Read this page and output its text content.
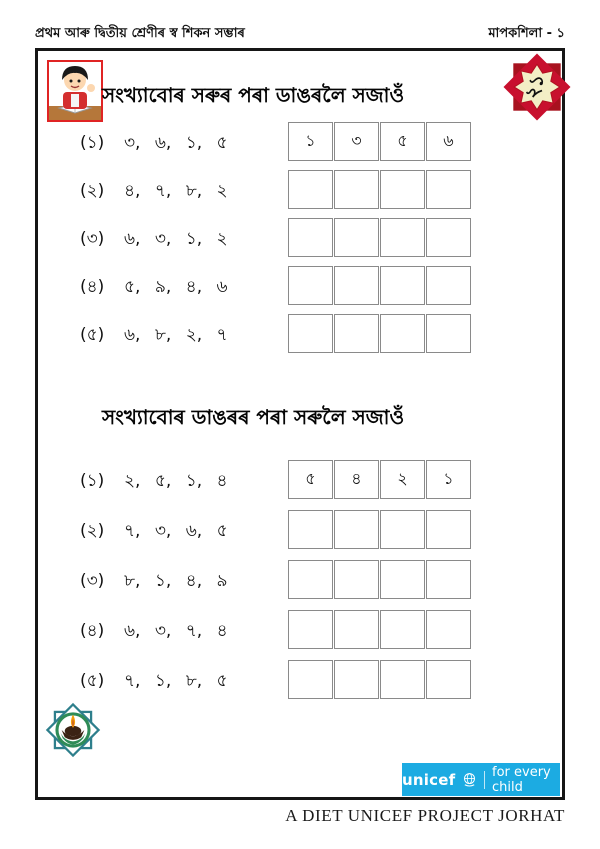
প্ৰথম আৰু দ্বিতীয় শ্ৰেণীৰ স্ব শিকন সম্ভাৰ	মাপকশিলা - ১
সংখ্যাবোৰ সৰুৰ পৰা ডাঙৰলৈ সজাওঁ	২১
(১) ৩, ৬, ১, ৫	১	৩	৫	৬
(২) ৪, ৭, ৮, ২
(৩) ৬, ৩, ১, ২
(৪) ৫, ৯, ৪, ৬
(৫) ৬, ৮, ২, ৭
সংখ্যাবোৰ ডাঙৰৰ পৰা সৰুলৈ সজাওঁ
(১) ২, ৫, ১, ৪	৫	৪	২	১
(২) ৭, ৩, ৬, ৫
(৩) ৮, ১, ৪, ৯
(৪) ৬, ৩, ৭, ৪
(৫) ৭, ১, ৮, ৫
unicef	for every child
A DIET UNICEF PROJECT JORHAT
